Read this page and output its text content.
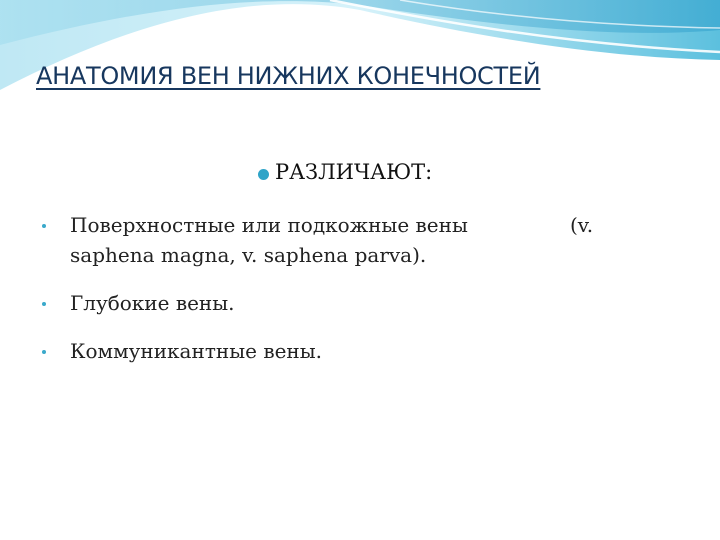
АНАТОМИЯ ВЕН НИЖНИХ КОНЕЧНОСТЕЙ
РАЗЛИЧАЮТ:
Поверхностные или подкожные вены	(v.
saphena magna, v. saphena parva).
Глубокие вены.
Коммуникантные вены.
